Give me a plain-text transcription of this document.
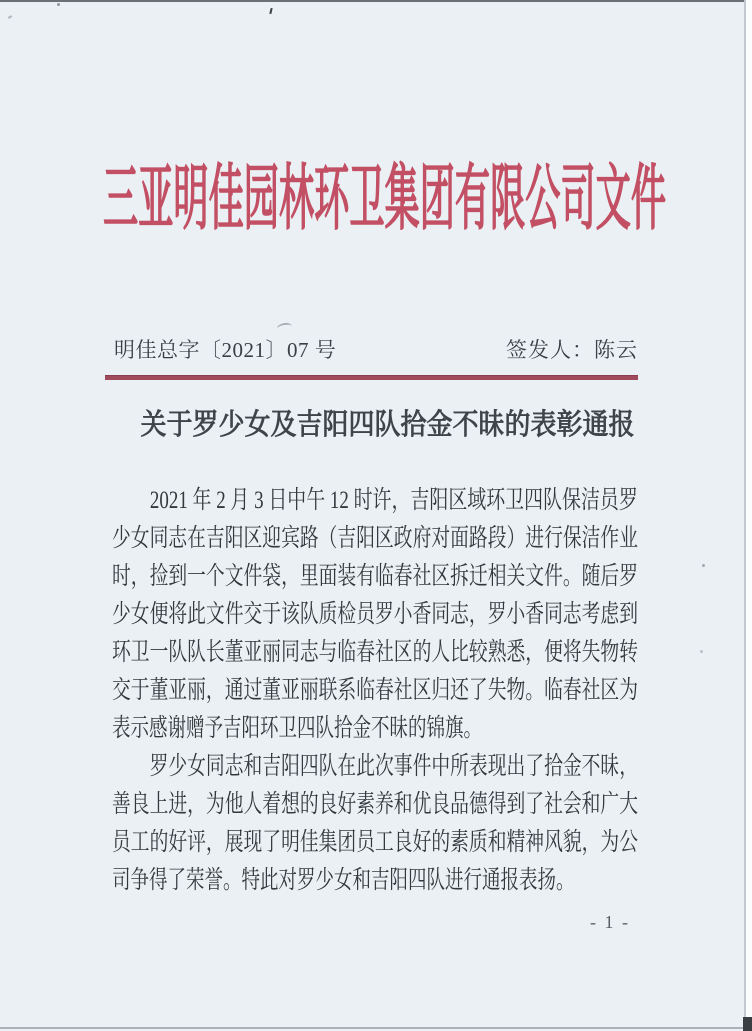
三亚明佳园林环卫集团有限公司文件
明佳总字〔2021〕07 号	签发人：陈云
关于罗少女及吉阳四队拾金不昧的表彰通报
2021 年 2 月 3 日中午 12 时许，吉阳区域环卫四队保洁员罗
少女同志在吉阳区迎宾路（吉阳区政府对面路段）进行保洁作业
时，捡到一个文件袋，里面装有临春社区拆迁相关文件。随后罗
少女便将此文件交于该队质检员罗小香同志，罗小香同志考虑到
环卫一队队长董亚丽同志与临春社区的人比较熟悉，便将失物转
交于董亚丽，通过董亚丽联系临春社区归还了失物。临春社区为
表示感谢赠予吉阳环卫四队拾金不昧的锦旗。
罗少女同志和吉阳四队在此次事件中所表现出了拾金不昧，
善良上进，为他人着想的良好素养和优良品德得到了社会和广大
员工的好评，展现了明佳集团员工良好的素质和精神风貌，为公
司争得了荣誉。特此对罗少女和吉阳四队进行通报表扬。
- 1 -
